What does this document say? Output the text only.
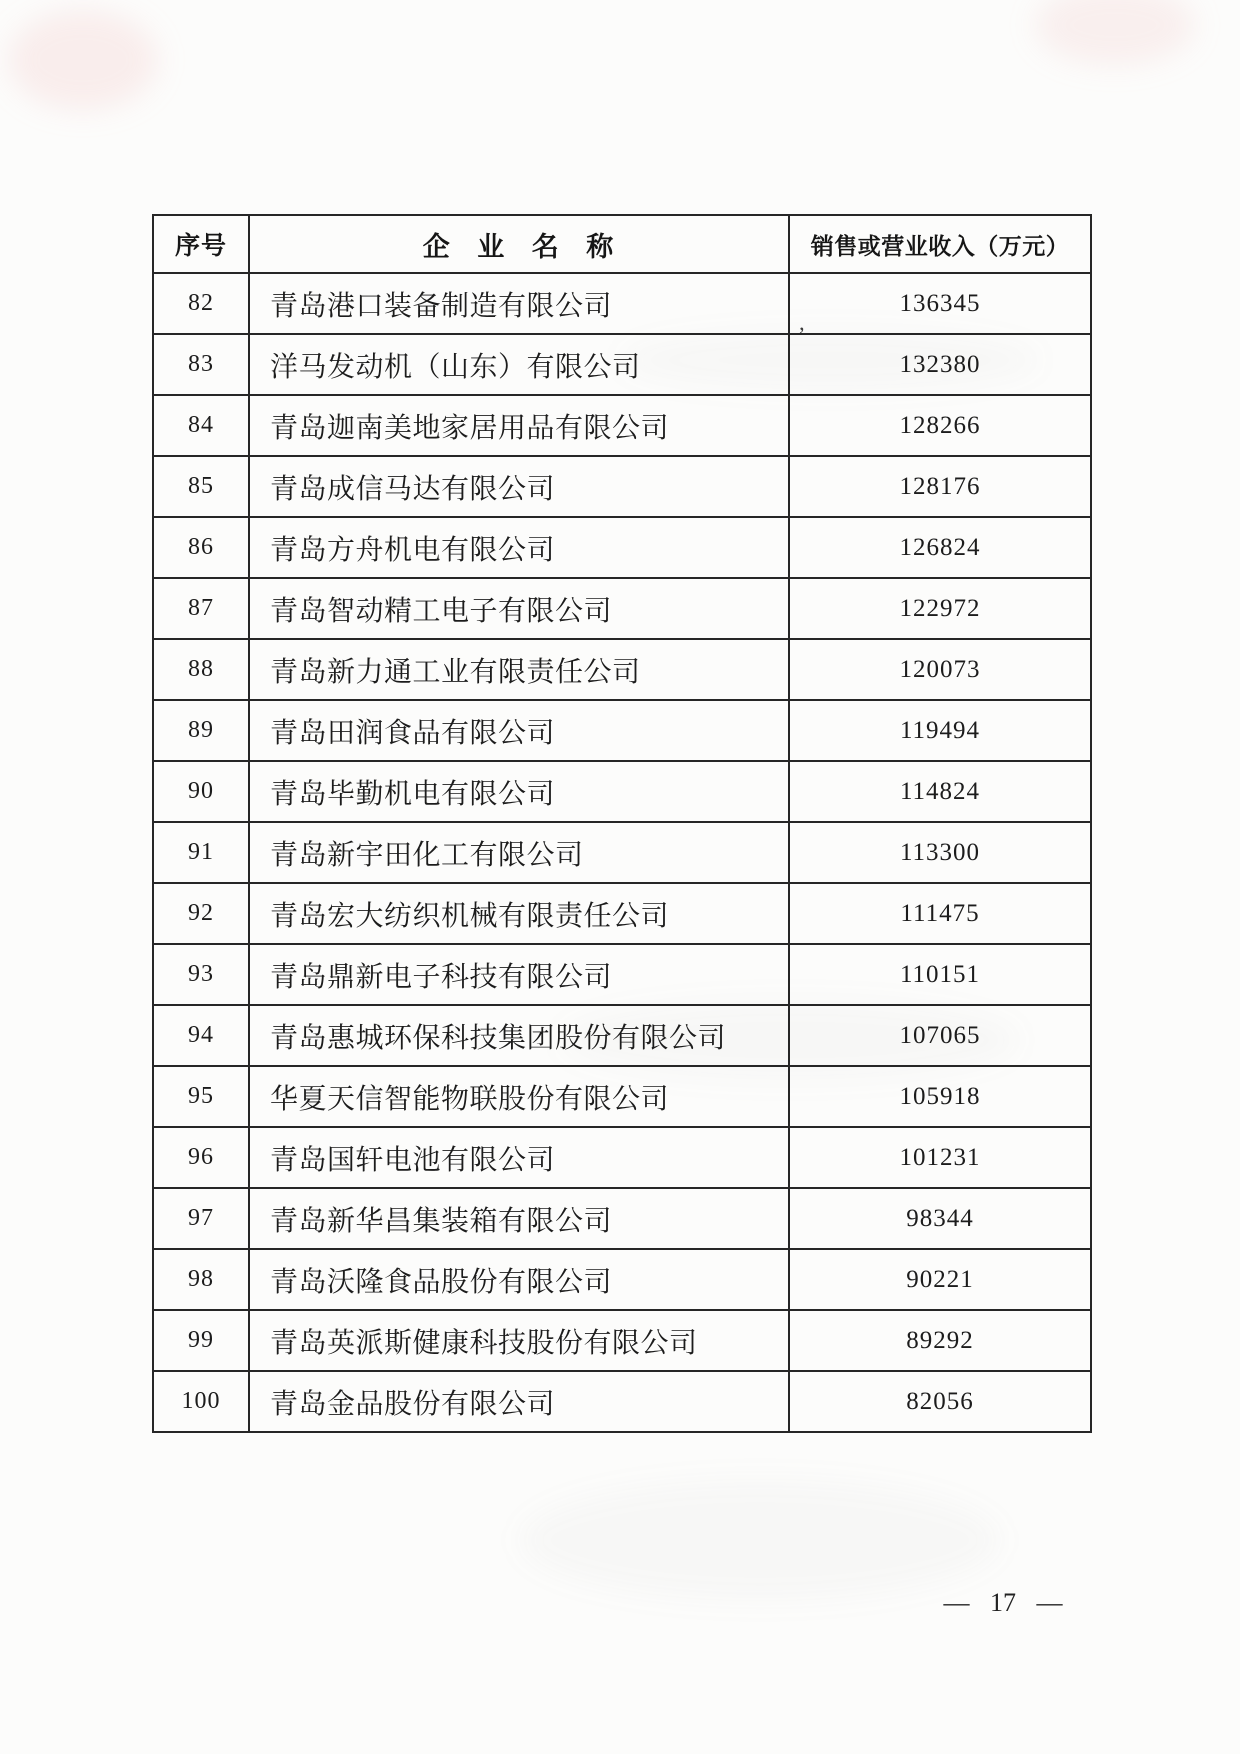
’
序号	企 业 名 称	销售或营业收入（万元）
82	青岛港口装备制造有限公司	136345
83	洋马发动机（山东）有限公司	132380
84	青岛迦南美地家居用品有限公司	128266
85	青岛成信马达有限公司	128176
86	青岛方舟机电有限公司	126824
87	青岛智动精工电子有限公司	122972
88	青岛新力通工业有限责任公司	120073
89	青岛田润食品有限公司	119494
90	青岛毕勤机电有限公司	114824
91	青岛新宇田化工有限公司	113300
92	青岛宏大纺织机械有限责任公司	111475
93	青岛鼎新电子科技有限公司	110151
94	青岛惠城环保科技集团股份有限公司	107065
95	华夏天信智能物联股份有限公司	105918
96	青岛国轩电池有限公司	101231
97	青岛新华昌集装箱有限公司	98344
98	青岛沃隆食品股份有限公司	90221
99	青岛英派斯健康科技股份有限公司	89292
100	青岛金品股份有限公司	82056
— 17 —
